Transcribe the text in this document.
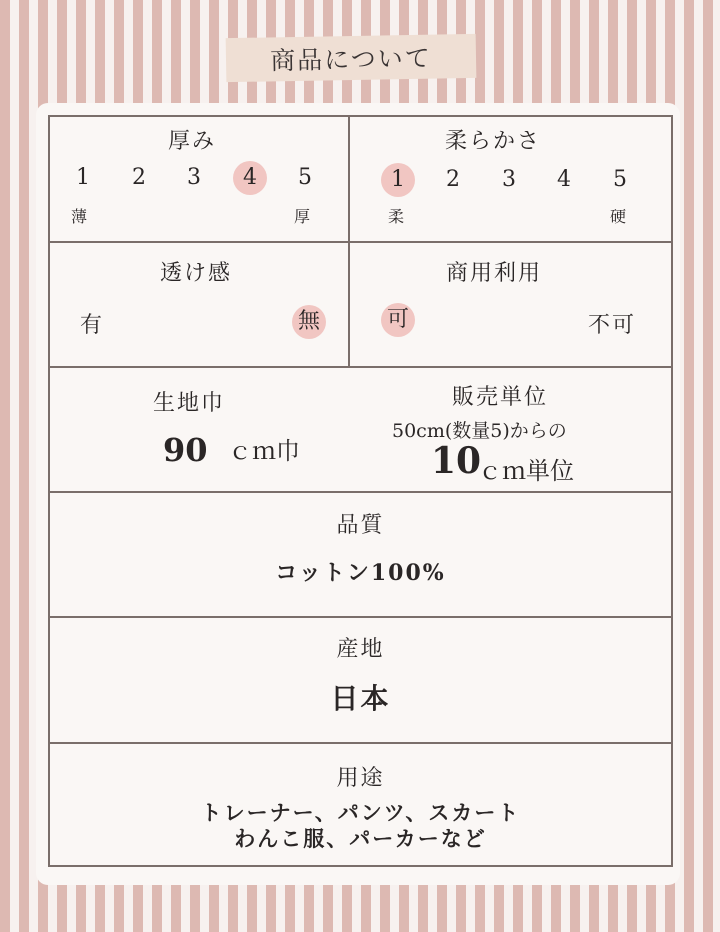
商品について
厚み
1	2	3	4	5
薄	厚
柔らかさ
1	2	3	4	5
柔	硬
透け感
有	無
商用利用
可	不可
生地巾
90 ｃｍ巾
販売単位
50cm(数量5)からの
10
ｃｍ単位
品質
コットン100%
産地
日本
用途
トレーナー、パンツ、スカート
わんこ服、パーカーなど
